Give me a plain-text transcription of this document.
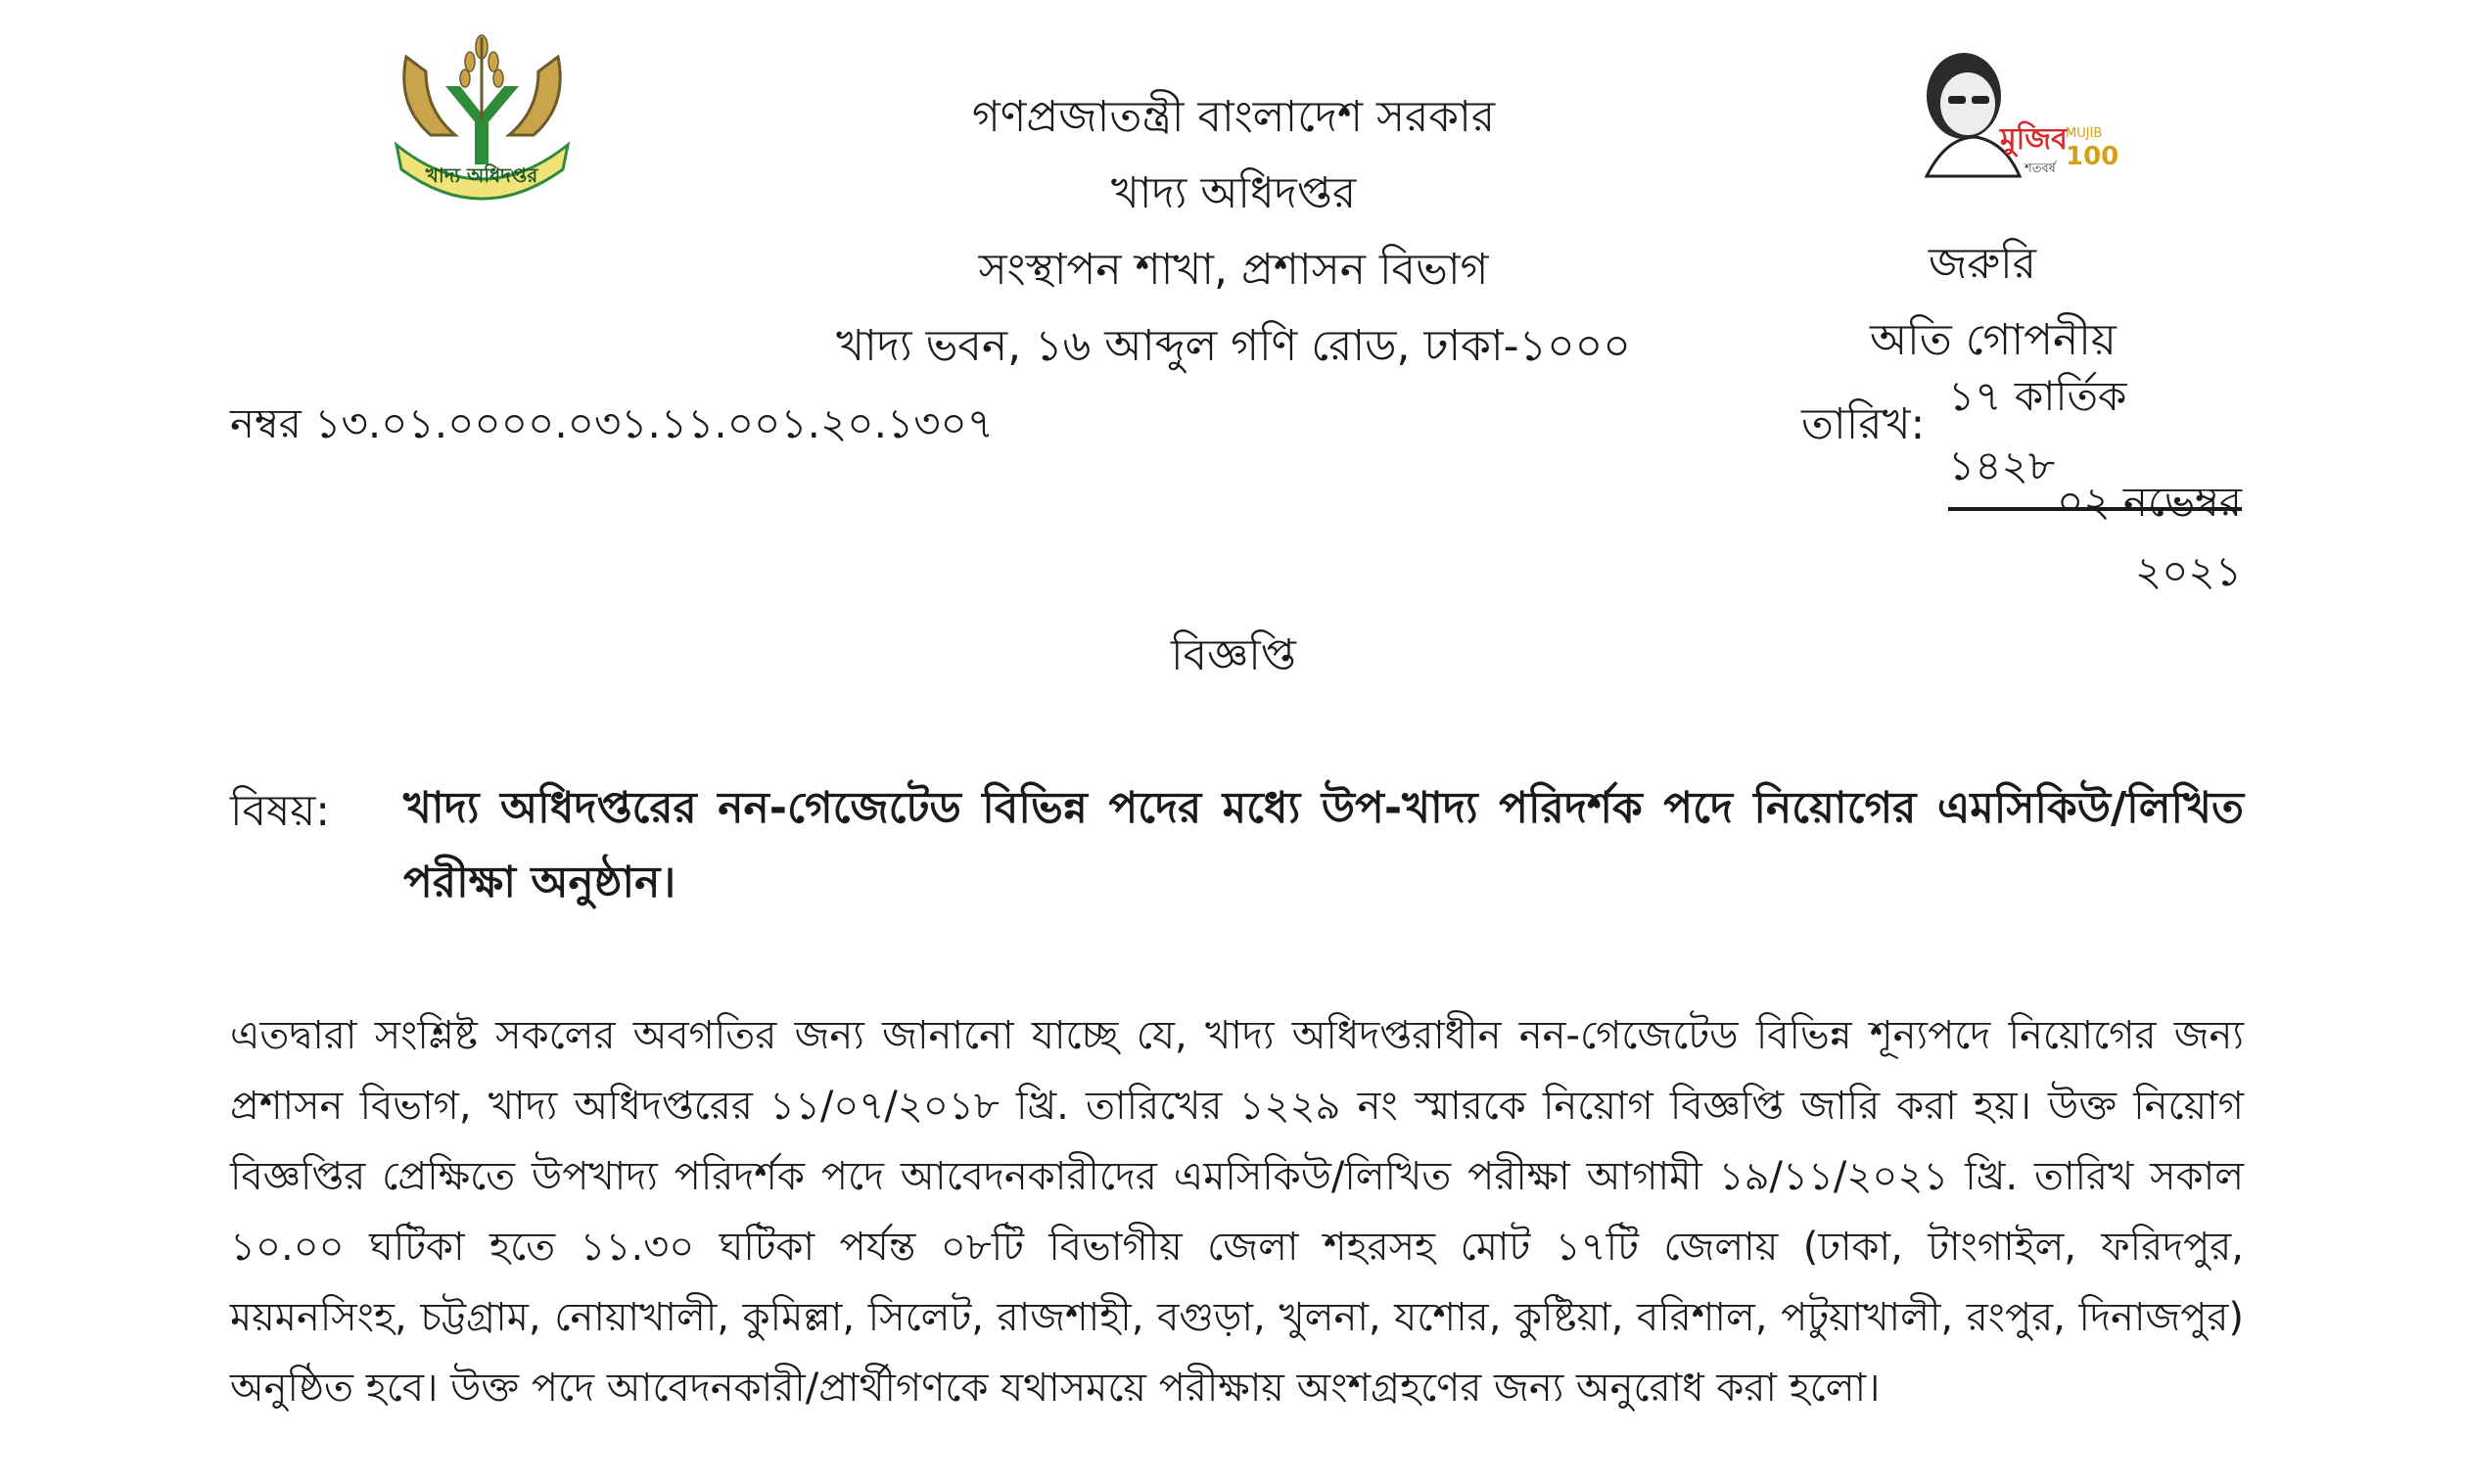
খাদ্য অধিদপ্তর
গণপ্রজাতন্ত্রী বাংলাদেশ সরকার
খাদ্য অধিদপ্তর
সংস্থাপন শাখা, প্রশাসন বিভাগ
খাদ্য ভবন, ১৬ আব্দুল গণি রোড, ঢাকা-১০০০
মুজিব
MUJIB
100
শতবর্ষ
জরুরি
অতি গোপনীয়
নম্বর ১৩.০১.০০০০.০৩১.১১.০০১.২০.১৩০৭	তারিখ:
১৭ কার্তিক ১৪২৮
০২ নভেম্বর ২০২১
বিজ্ঞপ্তি
বিষয়: খাদ্য অধিদপ্তরের নন-গেজেটেড বিভিন্ন পদের মধ্যে উপ-খাদ্য পরিদর্শক পদে নিয়োগের এমসিকিউ/লিখিত পরীক্ষা অনুষ্ঠান।
এতদ্বারা সংশ্লিষ্ট সকলের অবগতির জন্য জানানো যাচ্ছে যে, খাদ্য অধিদপ্তরাধীন নন-গেজেটেড বিভিন্ন শূন্যপদে নিয়োগের জন্য প্রশাসন বিভাগ, খাদ্য অধিদপ্তরের ১১/০৭/২০১৮ খ্রি. তারিখের ১২২৯ নং স্মারকে নিয়োগ বিজ্ঞপ্তি জারি করা হয়। উক্ত নিয়োগ বিজ্ঞপ্তির প্রেক্ষিতে উপখাদ্য পরিদর্শক পদে আবেদনকারীদের এমসিকিউ/লিখিত পরীক্ষা আগামী ১৯/১১/২০২১ খ্রি. তারিখ সকাল ১০.০০ ঘটিকা হতে ১১.৩০ ঘটিকা পর্যন্ত ০৮টি বিভাগীয় জেলা শহরসহ মোট ১৭টি জেলায় (ঢাকা, টাংগাইল, ফরিদপুর, ময়মনসিংহ, চট্টগ্রাম, নোয়াখালী, কুমিল্লা, সিলেট, রাজশাহী, বগুড়া, খুলনা, যশোর, কুষ্টিয়া, বরিশাল, পটুয়াখালী, রংপুর, দিনাজপুর) অনুষ্ঠিত হবে। উক্ত পদে আবেদনকারী/প্রার্থীগণকে যথাসময়ে পরীক্ষায় অংশগ্রহণের জন্য অনুরোধ করা হলো।
